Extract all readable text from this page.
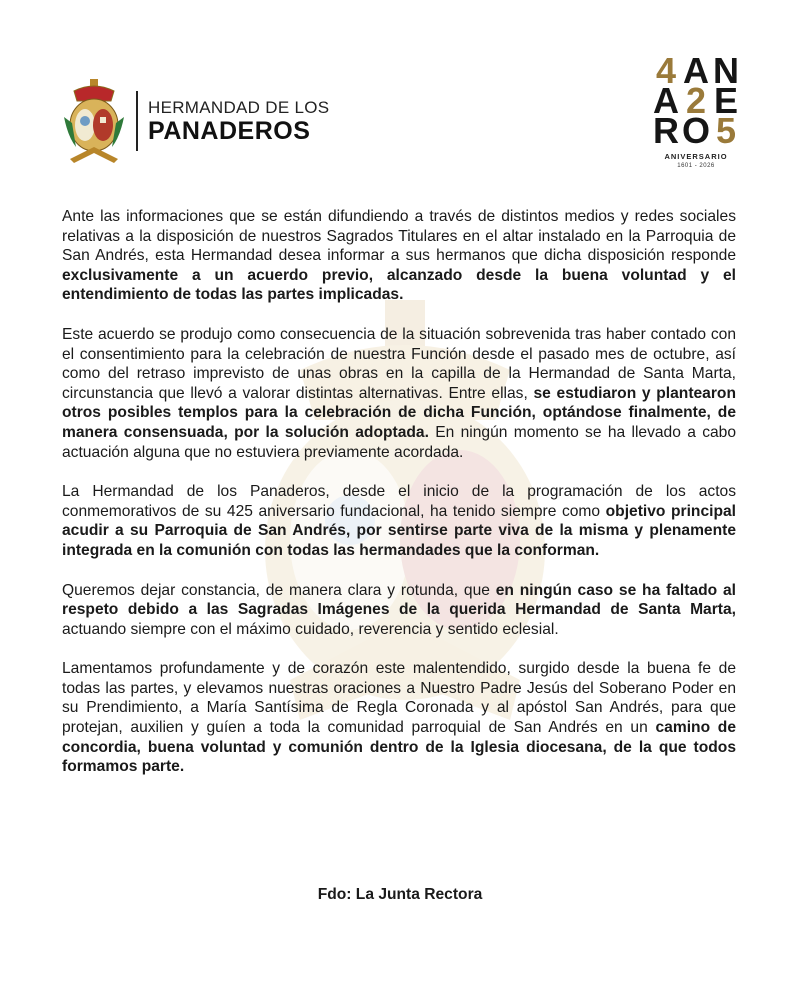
HERMANDAD DE LOS
PANADEROS
4 A N
A 2 E
R O 5
ANIVERSARIO
1601 - 2026

Ante las informaciones que se están difundiendo a través de distintos medios y redes sociales relativas a la disposición de nuestros Sagrados Titulares en el altar instalado en la Parroquia de San Andrés, esta Hermandad desea informar a sus hermanos que dicha disposición responde exclusivamente a un acuerdo previo, alcanzado desde la buena voluntad y el entendimiento de todas las partes implicadas.

Este acuerdo se produjo como consecuencia de la situación sobrevenida tras haber contado con el consentimiento para la celebración de nuestra Función desde el pasado mes de octubre, así como del retraso imprevisto de unas obras en la capilla de la Hermandad de Santa Marta, circunstancia que llevó a valorar distintas alternativas. Entre ellas, se estudiaron y plantearon otros posibles templos para la celebración de dicha Función, optándose finalmente, de manera consensuada, por la solución adoptada. En ningún momento se ha llevado a cabo actuación alguna que no estuviera previamente acordada.

La Hermandad de los Panaderos, desde el inicio de la programación de los actos conmemorativos de su 425 aniversario fundacional, ha tenido siempre como objetivo principal acudir a su Parroquia de San Andrés, por sentirse parte viva de la misma y plenamente integrada en la comunión con todas las hermandades que la conforman.

Queremos dejar constancia, de manera clara y rotunda, que en ningún caso se ha faltado al respeto debido a las Sagradas Imágenes de la querida Hermandad de Santa Marta, actuando siempre con el máximo cuidado, reverencia y sentido eclesial.

Lamentamos profundamente y de corazón este malentendido, surgido desde la buena fe de todas las partes, y elevamos nuestras oraciones a Nuestro Padre Jesús del Soberano Poder en su Prendimiento, a María Santísima de Regla Coronada y al apóstol San Andrés, para que protejan, auxilien y guíen a toda la comunidad parroquial de San Andrés en un camino de concordia, buena voluntad y comunión dentro de la Iglesia diocesana, de la que todos formamos parte.

Fdo: La Junta Rectora
